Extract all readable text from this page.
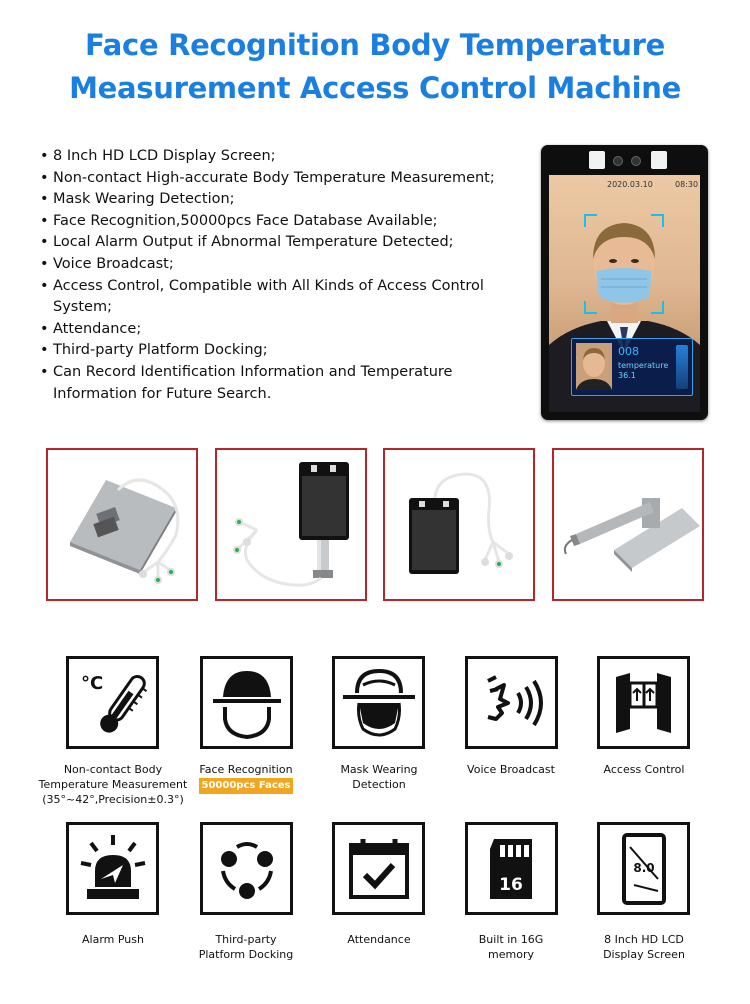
Face Recognition Body Temperature
Measurement Access Control Machine
• 8 Inch HD LCD Display Screen;
• Non-contact High-accurate Body Temperature Measurement;
• Mask Wearing Detection;
• Face Recognition,50000pcs Face Database Available;
• Local Alarm Output if Abnormal Temperature Detected;
• Voice Broadcast;
• Access Control, Compatible with All Kinds of Access Control System;
• Attendance;
• Third-party Platform Docking;
• Can Record Identification Information and Temperature Information for Future Search.
2020.03.10	08:30
008
temperature
36.1
°C
Non-contact Body
Temperature Measurement
(35°~42°,Precision±0.3°)
Face Recognition
50000pcs Faces
Mask Wearing
Detection
Voice Broadcast	Access Control
16
8.0
Alarm Push	Third-party
Platform Docking
Attendance	Built in 16G
memory
8 Inch HD LCD
Display Screen
